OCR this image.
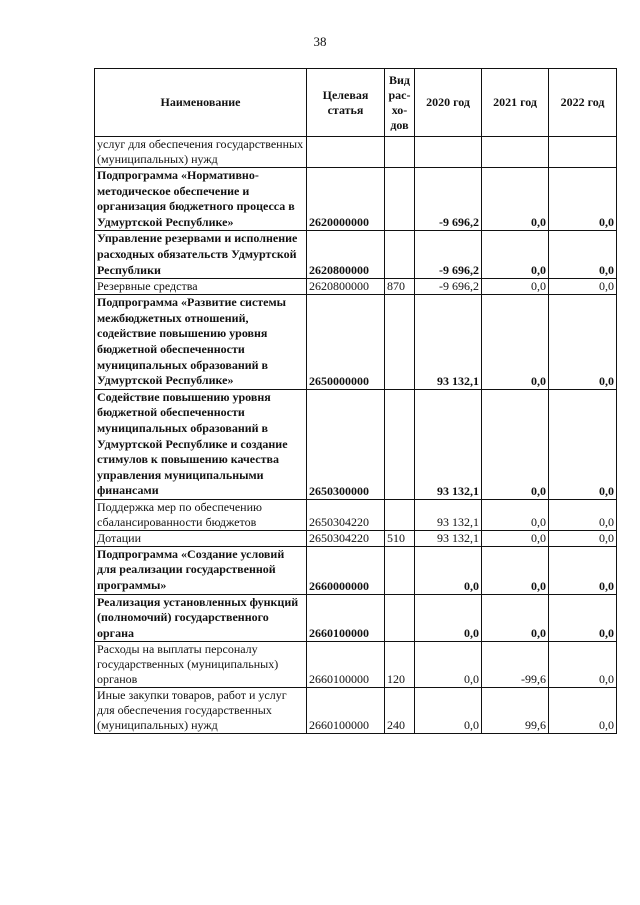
38
Наименование	Целевая статья	Вид рас-хо-дов	2020 год	2021 год	2022 год
услуг для обеспечения государственных (муниципальных) нужд					
Подпрограмма «Нормативно-методическое обеспечение и организация бюджетного процесса в Удмуртской Республике»	2620000000		-9 696,2	0,0	0,0
Управление резервами и исполнение расходных обязательств Удмуртской Республики	2620800000		-9 696,2	0,0	0,0
Резервные средства	2620800000	870	-9 696,2	0,0	0,0
Подпрограмма «Развитие системы межбюджетных отношений, содействие повышению уровня бюджетной обеспеченности муниципальных образований в Удмуртской Республике»	2650000000		93 132,1	0,0	0,0
Содействие повышению уровня бюджетной обеспеченности муниципальных образований в Удмуртской Республике и создание стимулов к повышению качества управления муниципальными финансами	2650300000		93 132,1	0,0	0,0
Поддержка мер по обеспечению сбалансированности бюджетов	2650304220		93 132,1	0,0	0,0
Дотации	2650304220	510	93 132,1	0,0	0,0
Подпрограмма «Создание условий для реализации государственной программы»	2660000000		0,0	0,0	0,0
Реализация установленных функций (полномочий) государственного органа	2660100000		0,0	0,0	0,0
Расходы на выплаты персоналу государственных (муниципальных) органов	2660100000	120	0,0	-99,6	0,0
Иные закупки товаров, работ и услуг для обеспечения государственных (муниципальных) нужд	2660100000	240	0,0	99,6	0,0
